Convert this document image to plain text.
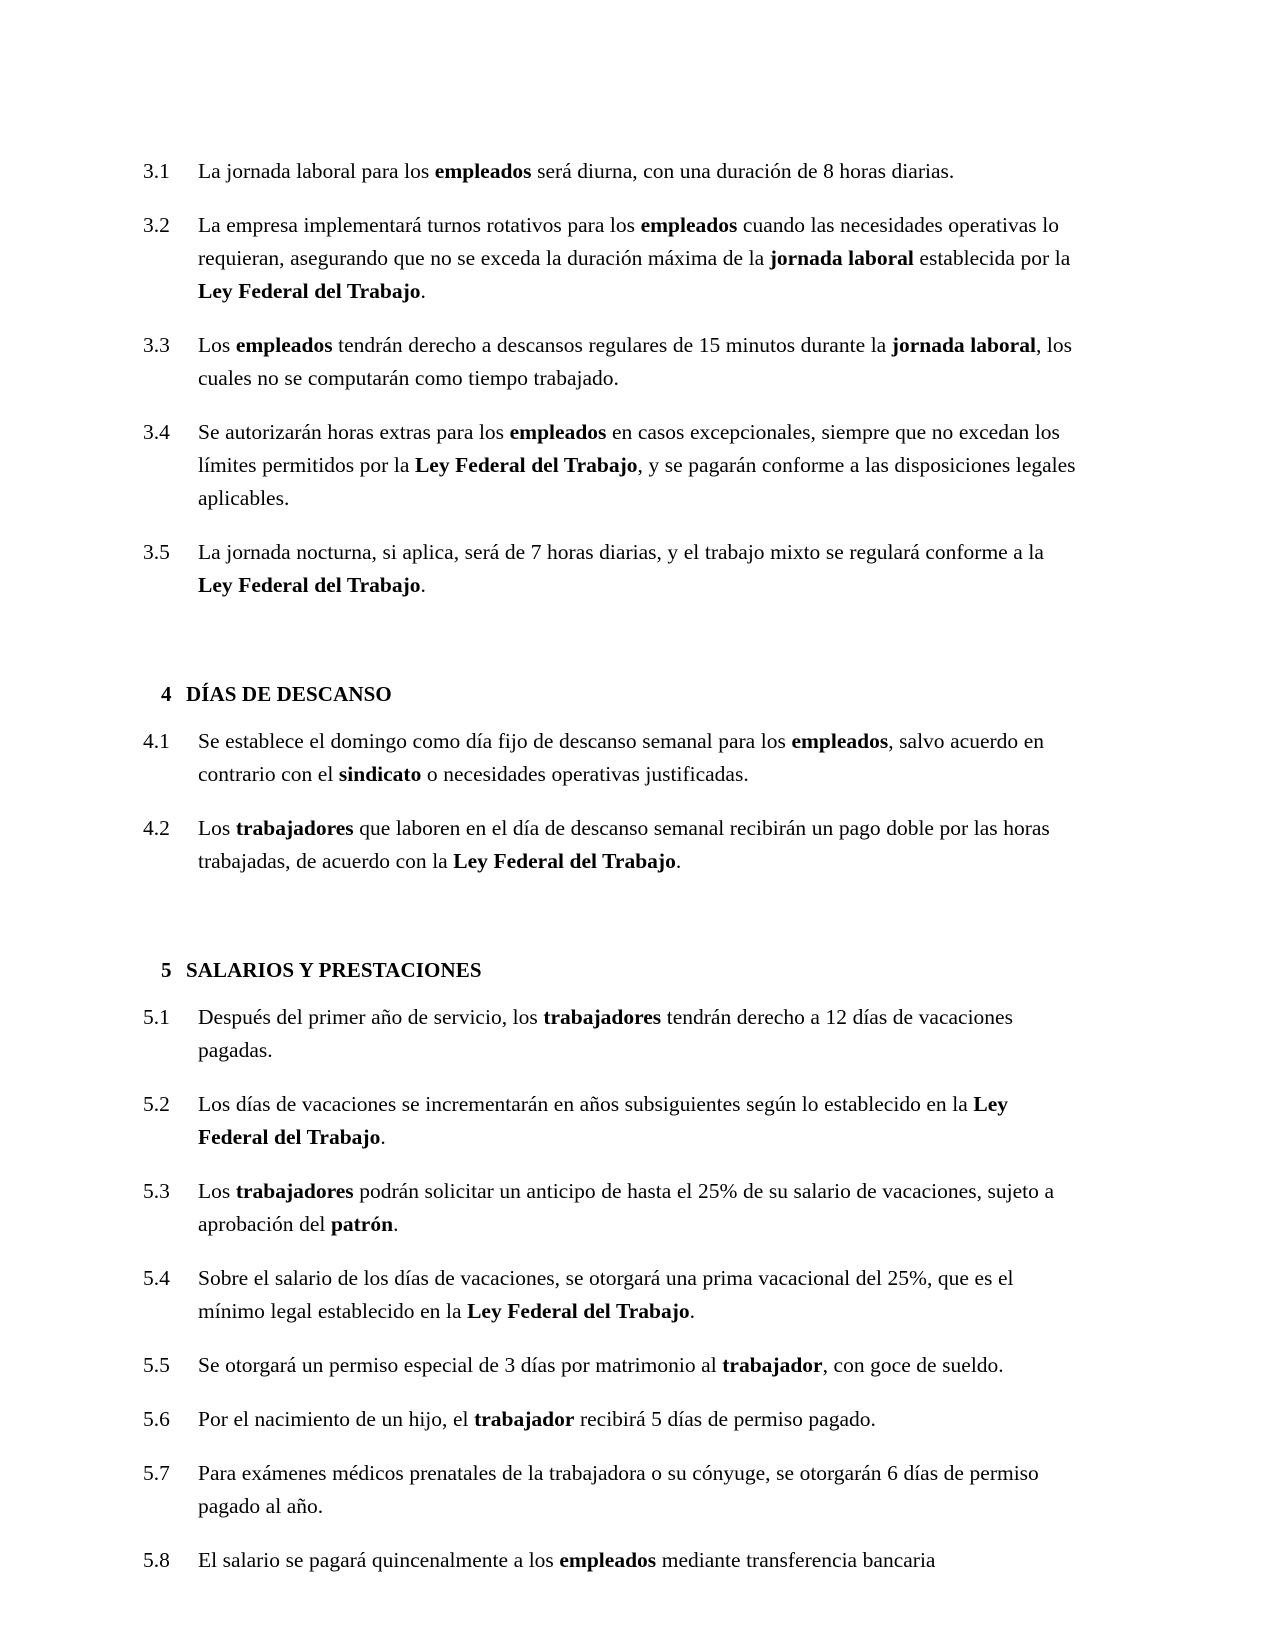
3.1	La jornada laboral para los empleados será diurna, con una duración de 8 horas diarias.
3.2	La empresa implementará turnos rotativos para los empleados cuando las necesidades operativas lo requieran, asegurando que no se exceda la duración máxima de la jornada laboral establecida por la Ley Federal del Trabajo.
3.3	Los empleados tendrán derecho a descansos regulares de 15 minutos durante la jornada laboral, los cuales no se computarán como tiempo trabajado.
3.4	Se autorizarán horas extras para los empleados en casos excepcionales, siempre que no excedan los límites permitidos por la Ley Federal del Trabajo, y se pagarán conforme a las disposiciones legales aplicables.
3.5	La jornada nocturna, si aplica, será de 7 horas diarias, y el trabajo mixto se regulará conforme a la Ley Federal del Trabajo.
4 DÍAS DE DESCANSO
4.1	Se establece el domingo como día fijo de descanso semanal para los empleados, salvo acuerdo en contrario con el sindicato o necesidades operativas justificadas.
4.2	Los trabajadores que laboren en el día de descanso semanal recibirán un pago doble por las horas trabajadas, de acuerdo con la Ley Federal del Trabajo.
5 SALARIOS Y PRESTACIONES
5.1	Después del primer año de servicio, los trabajadores tendrán derecho a 12 días de vacaciones pagadas.
5.2	Los días de vacaciones se incrementarán en años subsiguientes según lo establecido en la Ley Federal del Trabajo.
5.3	Los trabajadores podrán solicitar un anticipo de hasta el 25% de su salario de vacaciones, sujeto a aprobación del patrón.
5.4	Sobre el salario de los días de vacaciones, se otorgará una prima vacacional del 25%, que es el mínimo legal establecido en la Ley Federal del Trabajo.
5.5	Se otorgará un permiso especial de 3 días por matrimonio al trabajador, con goce de sueldo.
5.6	Por el nacimiento de un hijo, el trabajador recibirá 5 días de permiso pagado.
5.7	Para exámenes médicos prenatales de la trabajadora o su cónyuge, se otorgarán 6 días de permiso pagado al año.
5.8	El salario se pagará quincenalmente a los empleados mediante transferencia bancaria
